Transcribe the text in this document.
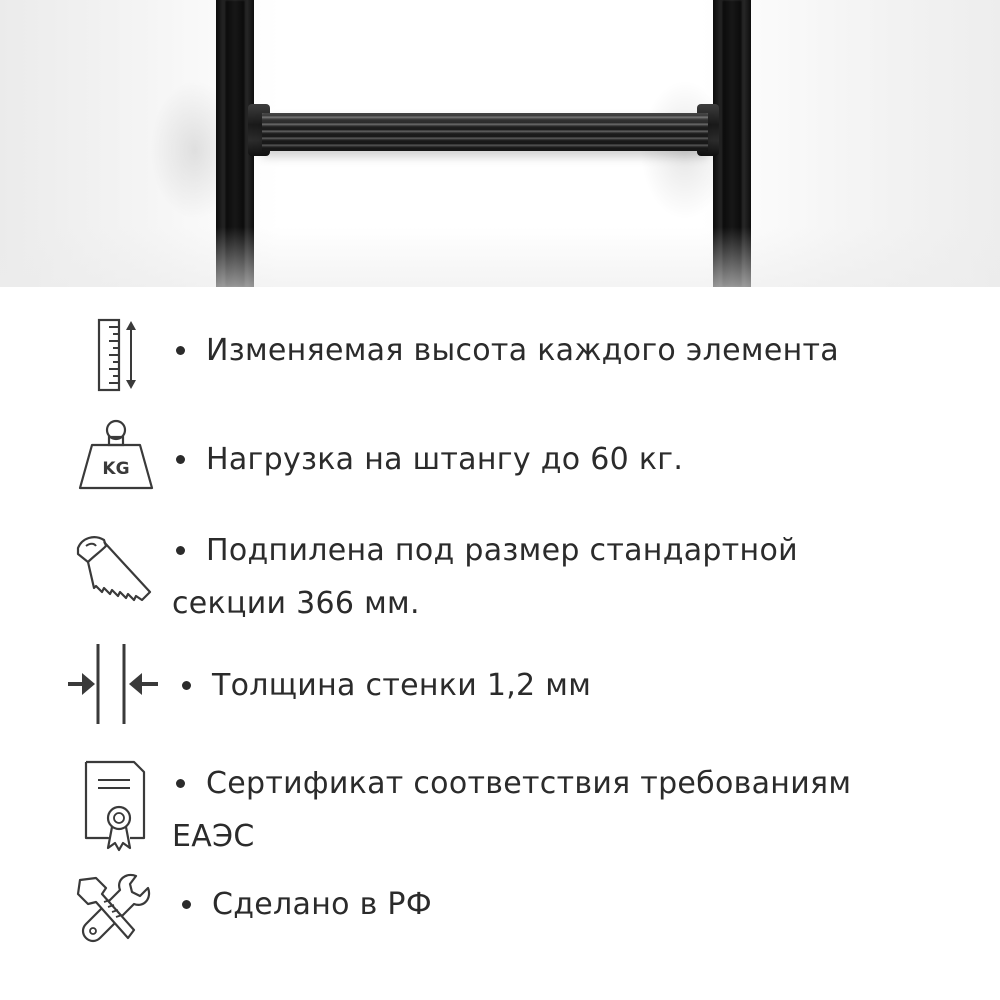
Изменяемая высота каждого элемента
KG	Нагрузка на штангу до 60 кг.
Подпилена под размер стандартной
секции 366 мм.
Толщина стенки 1,2 мм
Сертификат соответствия требованиям
ЕАЭС
Сделано в РФ
